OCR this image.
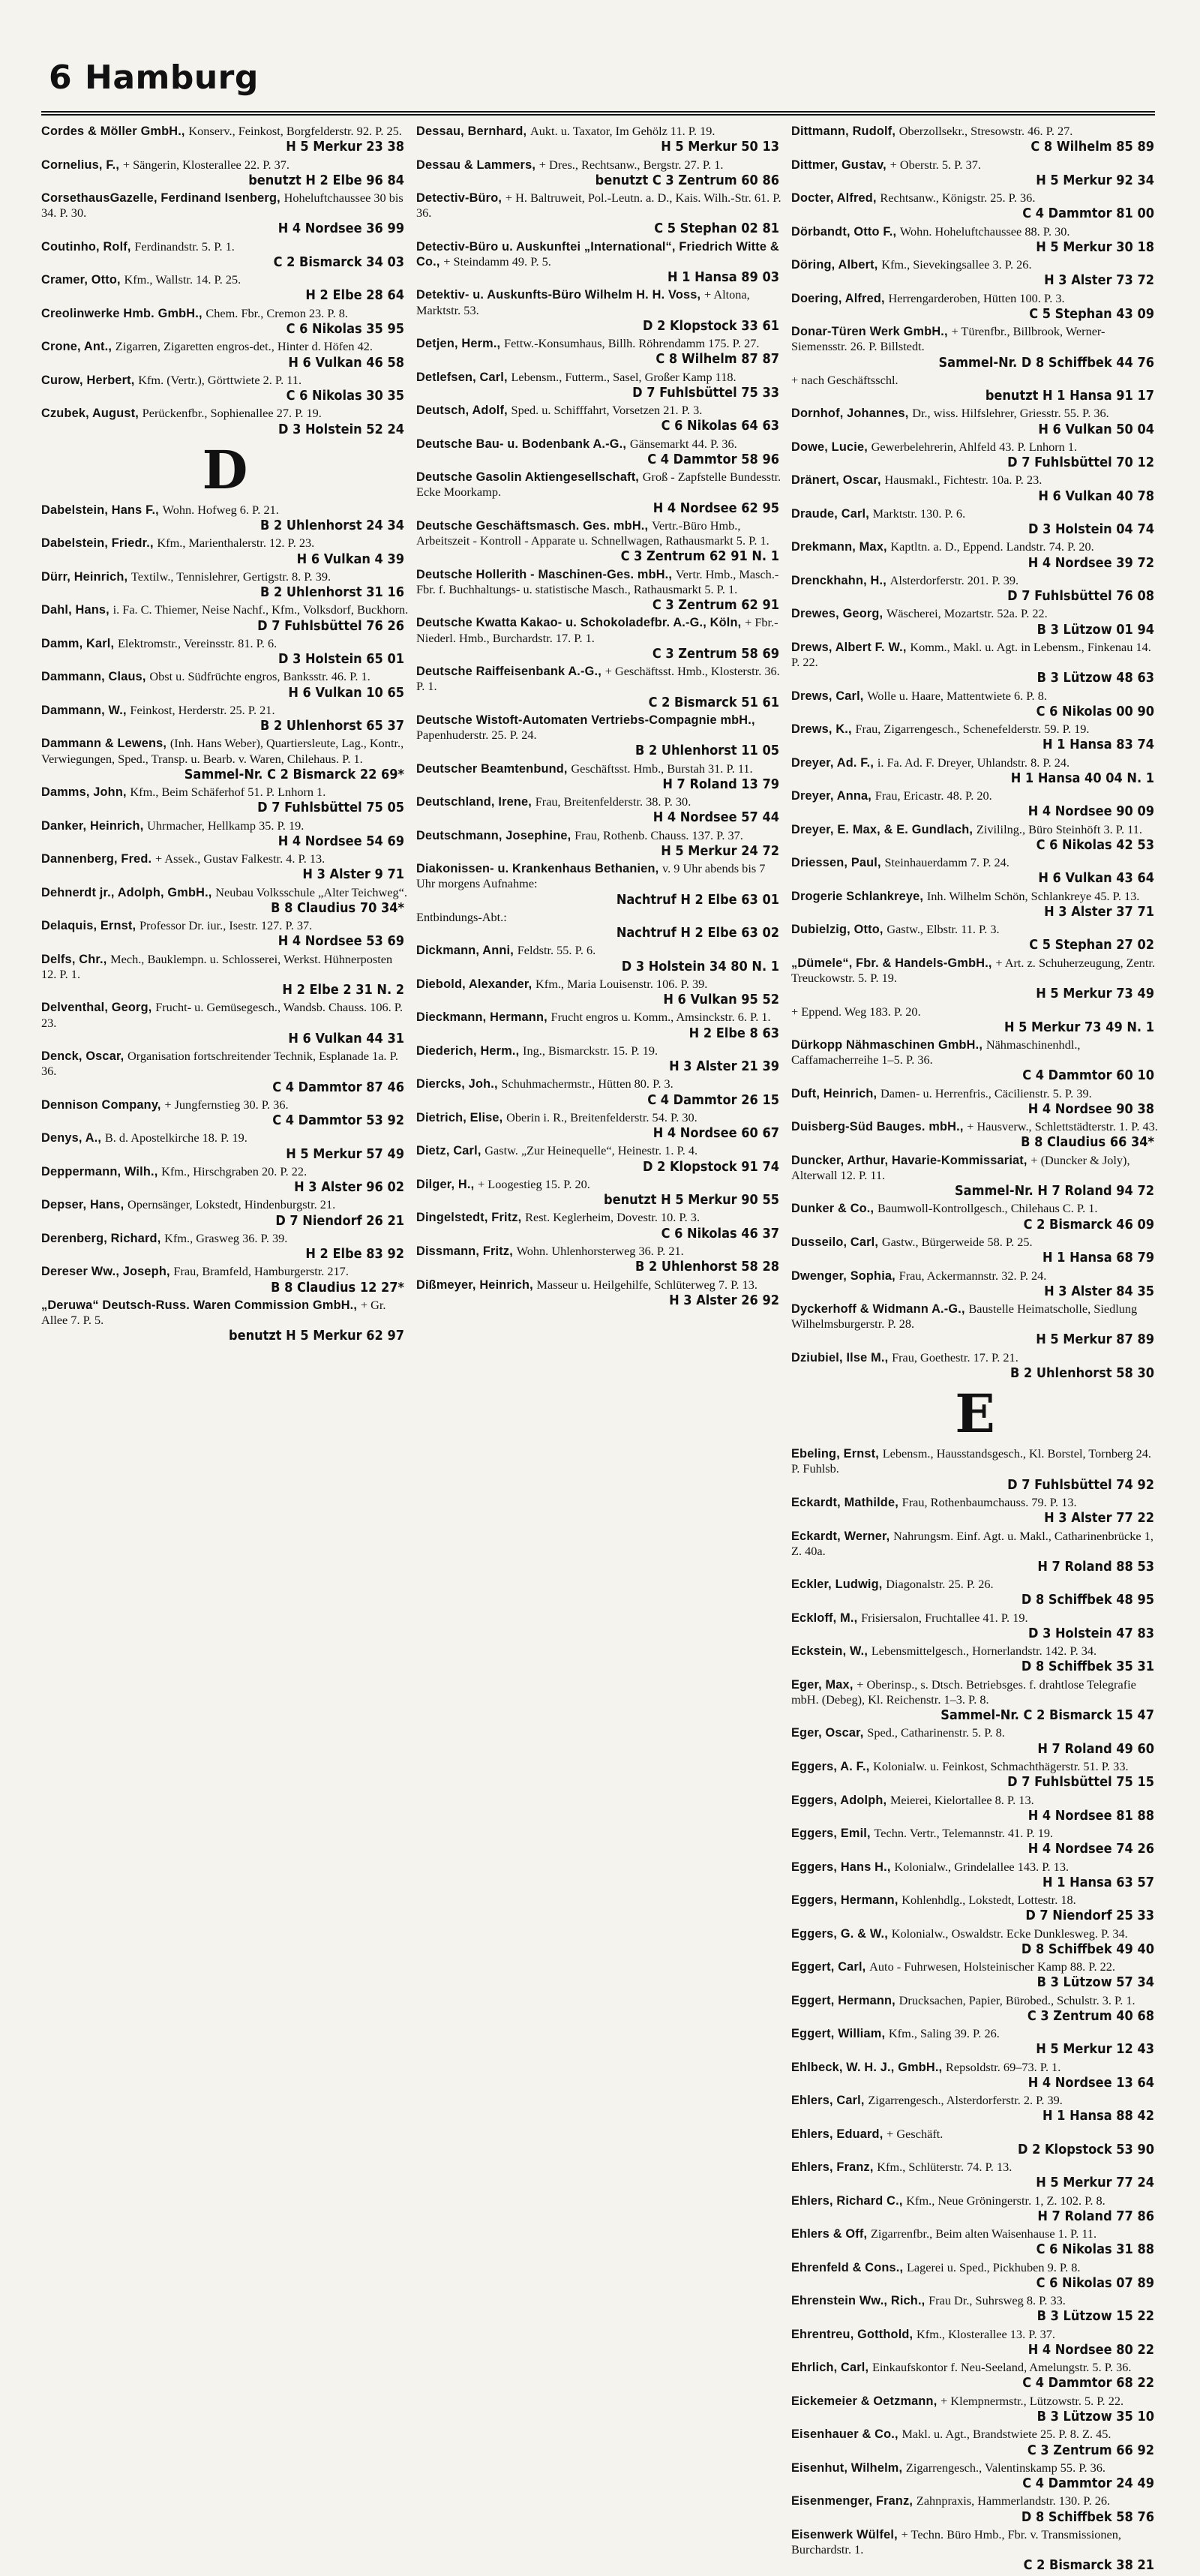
6 Hamburg
Cordes & Möller GmbH., Konserv., Feinkost, Borgfelderstr. 92. P. 25.
H 5 Merkur 23 38
Cornelius, F., + Sängerin, Klosterallee 22. P. 37.
benutzt H 2 Elbe 96 84
CorsethausGazelle, Ferdinand Isenberg, Hoheluftchaussee 30 bis 34. P. 30.
H 4 Nordsee 36 99
Coutinho, Rolf, Ferdinandstr. 5. P. 1.
C 2 Bismarck 34 03
Cramer, Otto, Kfm., Wallstr. 14. P. 25.
H 2 Elbe 28 64
Creolinwerke Hmb. GmbH., Chem. Fbr., Cremon 23. P. 8.
C 6 Nikolas 35 95
Crone, Ant., Zigarren, Zigaretten engros-det., Hinter d. Höfen 42.
H 6 Vulkan 46 58
Curow, Herbert, Kfm. (Vertr.), Görttwiete 2. P. 11.
C 6 Nikolas 30 35
Czubek, August, Perückenfbr., Sophienallee 27. P. 19.
D 3 Holstein 52 24
D
Dabelstein, Hans F., Wohn. Hofweg 6. P. 21.
B 2 Uhlenhorst 24 34
Dabelstein, Friedr., Kfm., Marienthalerstr. 12. P. 23.
H 6 Vulkan 4 39
Dürr, Heinrich, Textilw., Tennislehrer, Gertigstr. 8. P. 39.
B 2 Uhlenhorst 31 16
Dahl, Hans, i. Fa. C. Thiemer, Neise Nachf., Kfm., Volksdorf, Buckhorn.
D 7 Fuhlsbüttel 76 26
Damm, Karl, Elektromstr., Vereinsstr. 81. P. 6.
D 3 Holstein 65 01
Dammann, Claus, Obst u. Südfrüchte engros, Banksstr. 46. P. 1.
H 6 Vulkan 10 65
Dammann, W., Feinkost, Herderstr. 25. P. 21.
B 2 Uhlenhorst 65 37
Dammann & Lewens, (Inh. Hans Weber), Quartiersleute, Lag., Kontr., Verwiegungen, Sped., Transp. u. Bearb. v. Waren, Chilehaus. P. 1.
Sammel-Nr. C 2 Bismarck 22 69*
Damms, John, Kfm., Beim Schäferhof 51. P. Lnhorn 1.
D 7 Fuhlsbüttel 75 05
Danker, Heinrich, Uhrmacher, Hellkamp 35. P. 19.
H 4 Nordsee 54 69
Dannenberg, Fred. + Assek., Gustav Falkestr. 4. P. 13.
H 3 Alster 9 71
Dehnerdt jr., Adolph, GmbH., Neubau Volksschule „Alter Teichweg“.
B 8 Claudius 70 34*
Delaquis, Ernst, Professor Dr. iur., Isestr. 127. P. 37.
H 4 Nordsee 53 69
Delfs, Chr., Mech., Bauklempn. u. Schlosserei, Werkst. Hühnerposten 12. P. 1.
H 2 Elbe 2 31 N. 2
Delventhal, Georg, Frucht- u. Gemüsegesch., Wandsb. Chauss. 106. P. 23.
H 6 Vulkan 44 31
Denck, Oscar, Organisation fortschreitender Technik, Esplanade 1a. P. 36.
C 4 Dammtor 87 46
Dennison Company, + Jungfernstieg 30. P. 36.
C 4 Dammtor 53 92
Denys, A., B. d. Apostelkirche 18. P. 19.
H 5 Merkur 57 49
Deppermann, Wilh., Kfm., Hirschgraben 20. P. 22.
H 3 Alster 96 02
Depser, Hans, Opernsänger, Lokstedt, Hindenburgstr. 21.
D 7 Niendorf 26 21
Derenberg, Richard, Kfm., Grasweg 36. P. 39.
H 2 Elbe 83 92
Dereser Ww., Joseph, Frau, Bramfeld, Hamburgerstr. 217.
B 8 Claudius 12 27*
„Deruwa“ Deutsch-Russ. Waren Commission GmbH., + Gr. Allee 7. P. 5.
benutzt H 5 Merkur 62 97
Dessau, Bernhard, Aukt. u. Taxator, Im Gehölz 11. P. 19.
H 5 Merkur 50 13
Dessau & Lammers, + Dres., Rechtsanw., Bergstr. 27. P. 1.
benutzt C 3 Zentrum 60 86
Detectiv-Büro, + H. Baltruweit, Pol.-Leutn. a. D., Kais. Wilh.-Str. 61. P. 36.
C 5 Stephan 02 81
Detectiv-Büro u. Auskunftei „International“, Friedrich Witte & Co., + Steindamm 49. P. 5.
H 1 Hansa 89 03
Detektiv- u. Auskunfts-Büro Wilhelm H. H. Voss, + Altona, Marktstr. 53.
D 2 Klopstock 33 61
Detjen, Herm., Fettw.-Konsumhaus, Billh. Röhrendamm 175. P. 27.
C 8 Wilhelm 87 87
Detlefsen, Carl, Lebensm., Futterm., Sasel, Großer Kamp 118.
D 7 Fuhlsbüttel 75 33
Deutsch, Adolf, Sped. u. Schifffahrt, Vorsetzen 21. P. 3.
C 6 Nikolas 64 63
Deutsche Bau- u. Bodenbank A.-G., Gänsemarkt 44. P. 36.
C 4 Dammtor 58 96
Deutsche Gasolin Aktiengesellschaft, Groß - Zapfstelle Bundesstr. Ecke Moorkamp.
H 4 Nordsee 62 95
Deutsche Geschäftsmasch. Ges. mbH., Vertr.-Büro Hmb., Arbeitszeit - Kontroll - Apparate u. Schnellwagen, Rathausmarkt 5. P. 1.
C 3 Zentrum 62 91 N. 1
Deutsche Hollerith - Maschinen-Ges. mbH., Vertr. Hmb., Masch.-Fbr. f. Buchhaltungs- u. statistische Masch., Rathausmarkt 5. P. 1.
C 3 Zentrum 62 91
Deutsche Kwatta Kakao- u. Schokoladefbr. A.-G., Köln, + Fbr.-Niederl. Hmb., Burchardstr. 17. P. 1.
C 3 Zentrum 58 69
Deutsche Raiffeisenbank A.-G., + Geschäftsst. Hmb., Klosterstr. 36. P. 1.
C 2 Bismarck 51 61
Deutsche Wistoft-Automaten Vertriebs-Compagnie mbH., Papenhuderstr. 25. P. 24.
B 2 Uhlenhorst 11 05
Deutscher Beamtenbund, Geschäftsst. Hmb., Burstah 31. P. 11.
H 7 Roland 13 79
Deutschland, Irene, Frau, Breitenfelderstr. 38. P. 30.
H 4 Nordsee 57 44
Deutschmann, Josephine, Frau, Rothenb. Chauss. 137. P. 37.
H 5 Merkur 24 72
Diakonissen- u. Krankenhaus Bethanien, v. 9 Uhr abends bis 7 Uhr morgens Aufnahme:
Nachtruf H 2 Elbe 63 01
Entbindungs-Abt.:
Nachtruf H 2 Elbe 63 02
Dickmann, Anni, Feldstr. 55. P. 6.
D 3 Holstein 34 80 N. 1
Diebold, Alexander, Kfm., Maria Louisenstr. 106. P. 39.
H 6 Vulkan 95 52
Dieckmann, Hermann, Frucht engros u. Komm., Amsinckstr. 6. P. 1.
H 2 Elbe 8 63
Diederich, Herm., Ing., Bismarckstr. 15. P. 19.
H 3 Alster 21 39
Diercks, Joh., Schuhmachermstr., Hütten 80. P. 3.
C 4 Dammtor 26 15
Dietrich, Elise, Oberin i. R., Breitenfelderstr. 54. P. 30.
H 4 Nordsee 60 67
Dietz, Carl, Gastw. „Zur Heinequelle“, Heinestr. 1. P. 4.
D 2 Klopstock 91 74
Dilger, H., + Loogestieg 15. P. 20.
benutzt H 5 Merkur 90 55
Dingelstedt, Fritz, Rest. Keglerheim, Dovestr. 10. P. 3.
C 6 Nikolas 46 37
Dissmann, Fritz, Wohn. Uhlenhorsterweg 36. P. 21.
B 2 Uhlenhorst 58 28
Dißmeyer, Heinrich, Masseur u. Heilgehilfe, Schlüterweg 7. P. 13.
H 3 Alster 26 92
Dittmann, Rudolf, Oberzollsekr., Stresowstr. 46. P. 27.
C 8 Wilhelm 85 89
Dittmer, Gustav, + Oberstr. 5. P. 37.
H 5 Merkur 92 34
Docter, Alfred, Rechtsanw., Königstr. 25. P. 36.
C 4 Dammtor 81 00
Dörbandt, Otto F., Wohn. Hoheluftchaussee 88. P. 30.
H 5 Merkur 30 18
Döring, Albert, Kfm., Sievekingsallee 3. P. 26.
H 3 Alster 73 72
Doering, Alfred, Herrengarderoben, Hütten 100. P. 3.
C 5 Stephan 43 09
Donar-Türen Werk GmbH., + Türenfbr., Billbrook, Werner-Siemensstr. 26. P. Billstedt.
Sammel-Nr. D 8 Schiffbek 44 76
+ nach Geschäftsschl.
benutzt H 1 Hansa 91 17
Dornhof, Johannes, Dr., wiss. Hilfslehrer, Griesstr. 55. P. 36.
H 6 Vulkan 50 04
Dowe, Lucie, Gewerbelehrerin, Ahlfeld 43. P. Lnhorn 1.
D 7 Fuhlsbüttel 70 12
Dränert, Oscar, Hausmakl., Fichtestr. 10a. P. 23.
H 6 Vulkan 40 78
Draude, Carl, Marktstr. 130. P. 6.
D 3 Holstein 04 74
Drekmann, Max, Kaptltn. a. D., Eppend. Landstr. 74. P. 20.
H 4 Nordsee 39 72
Drenckhahn, H., Alsterdorferstr. 201. P. 39.
D 7 Fuhlsbüttel 76 08
Drewes, Georg, Wäscherei, Mozartstr. 52a. P. 22.
B 3 Lützow 01 94
Drews, Albert F. W., Komm., Makl. u. Agt. in Lebensm., Finkenau 14. P. 22.
B 3 Lützow 48 63
Drews, Carl, Wolle u. Haare, Mattentwiete 6. P. 8.
C 6 Nikolas 00 90
Drews, K., Frau, Zigarrengesch., Schenefelderstr. 59. P. 19.
H 1 Hansa 83 74
Dreyer, Ad. F., i. Fa. Ad. F. Dreyer, Uhlandstr. 8. P. 24.
H 1 Hansa 40 04 N. 1
Dreyer, Anna, Frau, Ericastr. 48. P. 20.
H 4 Nordsee 90 09
Dreyer, E. Max, & E. Gundlach, Zivililng., Büro Steinhöft 3. P. 11.
C 6 Nikolas 42 53
Driessen, Paul, Steinhauerdamm 7. P. 24.
H 6 Vulkan 43 64
Drogerie Schlankreye, Inh. Wilhelm Schön, Schlankreye 45. P. 13.
H 3 Alster 37 71
Dubielzig, Otto, Gastw., Elbstr. 11. P. 3.
C 5 Stephan 27 02
„Dümele“, Fbr. & Handels-GmbH., + Art. z. Schuherzeugung, Zentr. Treuckowstr. 5. P. 19.
H 5 Merkur 73 49
+ Eppend. Weg 183. P. 20.
H 5 Merkur 73 49 N. 1
Dürkopp Nähmaschinen GmbH., Nähmaschinenhdl., Caffamacherreihe 1–5. P. 36.
C 4 Dammtor 60 10
Duft, Heinrich, Damen- u. Herrenfris., Cäcilienstr. 5. P. 39.
H 4 Nordsee 90 38
Duisberg-Süd Bauges. mbH., + Hausverw., Schlettstädterstr. 1. P. 43.
B 8 Claudius 66 34*
Duncker, Arthur, Havarie-Kommissariat, + (Duncker & Joly), Alterwall 12. P. 11.
Sammel-Nr. H 7 Roland 94 72
Dunker & Co., Baumwoll-Kontrollgesch., Chilehaus C. P. 1.
C 2 Bismarck 46 09
Dusseilo, Carl, Gastw., Bürgerweide 58. P. 25.
H 1 Hansa 68 79
Dwenger, Sophia, Frau, Ackermannstr. 32. P. 24.
H 3 Alster 84 35
Dyckerhoff & Widmann A.-G., Baustelle Heimatscholle, Siedlung Wilhelmsburgerstr. P. 28.
H 5 Merkur 87 89
Dziubiel, Ilse M., Frau, Goethestr. 17. P. 21.
B 2 Uhlenhorst 58 30
E
Ebeling, Ernst, Lebensm., Hausstandsgesch., Kl. Borstel, Tornberg 24. P. Fuhlsb.
D 7 Fuhlsbüttel 74 92
Eckardt, Mathilde, Frau, Rothenbaumchauss. 79. P. 13.
H 3 Alster 77 22
Eckardt, Werner, Nahrungsm. Einf. Agt. u. Makl., Catharinenbrücke 1, Z. 40a.
H 7 Roland 88 53
Eckler, Ludwig, Diagonalstr. 25. P. 26.
D 8 Schiffbek 48 95
Eckloff, M., Frisiersalon, Fruchtallee 41. P. 19.
D 3 Holstein 47 83
Eckstein, W., Lebensmittelgesch., Hornerlandstr. 142. P. 34.
D 8 Schiffbek 35 31
Eger, Max, + Oberinsp., s. Dtsch. Betriebsges. f. drahtlose Telegrafie mbH. (Debeg), Kl. Reichenstr. 1–3. P. 8.
Sammel-Nr. C 2 Bismarck 15 47
Eger, Oscar, Sped., Catharinenstr. 5. P. 8.
H 7 Roland 49 60
Eggers, A. F., Kolonialw. u. Feinkost, Schmachthägerstr. 51. P. 33.
D 7 Fuhlsbüttel 75 15
Eggers, Adolph, Meierei, Kielortallee 8. P. 13.
H 4 Nordsee 81 88
Eggers, Emil, Techn. Vertr., Telemannstr. 41. P. 19.
H 4 Nordsee 74 26
Eggers, Hans H., Kolonialw., Grindelallee 143. P. 13.
H 1 Hansa 63 57
Eggers, Hermann, Kohlenhdlg., Lokstedt, Lottestr. 18.
D 7 Niendorf 25 33
Eggers, G. & W., Kolonialw., Oswaldstr. Ecke Dunklesweg. P. 34.
D 8 Schiffbek 49 40
Eggert, Carl, Auto - Fuhrwesen, Holsteinischer Kamp 88. P. 22.
B 3 Lützow 57 34
Eggert, Hermann, Drucksachen, Papier, Bürobed., Schulstr. 3. P. 1.
C 3 Zentrum 40 68
Eggert, William, Kfm., Saling 39. P. 26.
H 5 Merkur 12 43
Ehlbeck, W. H. J., GmbH., Repsoldstr. 69–73. P. 1.
H 4 Nordsee 13 64
Ehlers, Carl, Zigarrengesch., Alsterdorferstr. 2. P. 39.
H 1 Hansa 88 42
Ehlers, Eduard, + Geschäft.
D 2 Klopstock 53 90
Ehlers, Franz, Kfm., Schlüterstr. 74. P. 13.
H 5 Merkur 77 24
Ehlers, Richard C., Kfm., Neue Gröningerstr. 1, Z. 102. P. 8.
H 7 Roland 77 86
Ehlers & Off, Zigarrenfbr., Beim alten Waisenhause 1. P. 11.
C 6 Nikolas 31 88
Ehrenfeld & Cons., Lagerei u. Sped., Pickhuben 9. P. 8.
C 6 Nikolas 07 89
Ehrenstein Ww., Rich., Frau Dr., Suhrsweg 8. P. 33.
B 3 Lützow 15 22
Ehrentreu, Gotthold, Kfm., Klosterallee 13. P. 37.
H 4 Nordsee 80 22
Ehrlich, Carl, Einkaufskontor f. Neu-Seeland, Amelungstr. 5. P. 36.
C 4 Dammtor 68 22
Eickemeier & Oetzmann, + Klempnermstr., Lützowstr. 5. P. 22.
B 3 Lützow 35 10
Eisenhauer & Co., Makl. u. Agt., Brandstwiete 25. P. 8. Z. 45.
C 3 Zentrum 66 92
Eisenhut, Wilhelm, Zigarrengesch., Valentinskamp 55. P. 36.
C 4 Dammtor 24 49
Eisenmenger, Franz, Zahnpraxis, Hammerlandstr. 130. P. 26.
D 8 Schiffbek 58 76
Eisenwerk Wülfel, + Techn. Büro Hmb., Fbr. v. Transmissionen, Burchardstr. 1.
C 2 Bismarck 38 21
